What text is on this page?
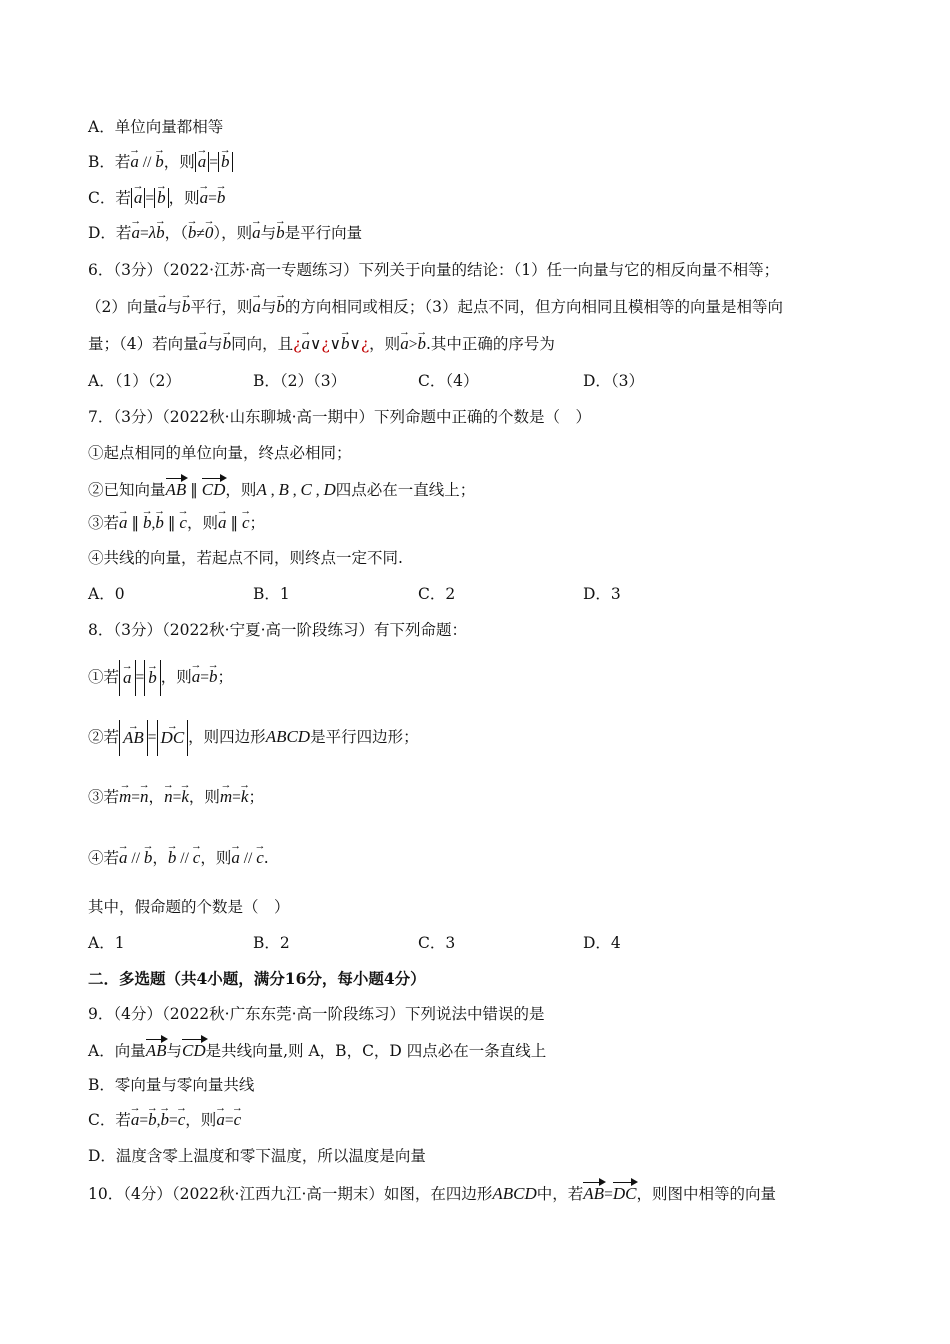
A．单位向量都相等
B．若→ a // → b，则 → a = → b
C．若 → a = → b ，则→ a=→ b
D．若→ a=λ→ b，（→ b≠→ 0），则→ a与→ b是平行向量
6．（3分）（2022·江苏·高一专题练习）下列关于向量的结论：（1）任一向量与它的相反向量不相等；
（2）向量→ a与→ b平行，则→ a与→ b的方向相同或相反；（3）起点不同，但方向相同且模相等的向量是相等向
量；（4）若向量→ a与→ b同向，且¿→ a∨¿∨→ b∨¿，则→ a>→ b.其中正确的序号为
A．（1）（2）	B．（2）（3）	C．（4）	D．（3）
7．（3分）（2022秋·山东聊城·高一期中）下列命题中正确的个数是（　）
①起点相同的单位向量，终点必相同；
②已知向量AB ∥ CD，则A , B , C , D四点必在一直线上；
③若→ a ∥ → b,→ b ∥ → c，则→ a ∥ → c；
④共线的向量，若起点不同，则终点一定不同.
A．0	B．1	C．2	D．3
8．（3分）（2022秋·宁夏·高一阶段练习）有下列命题：
①若 → a = → b ，则→ a=→ b；
②若 → AB = → DC ，则四边形ABCD是平行四边形；
③若→ m=→ n，→ n=→ k，则→ m=→ k；
④若→ a // → b，→ b // → c，则→ a // → c.
其中，假命题的个数是（　）
A．1	B．2	C．3	D．4
二．多选题（共4小题，满分16分，每小题4分）
9．（4分）（2022秋·广东东莞·高一阶段练习）下列说法中错误的是
A．向量AB与CD是共线向量,则 A，B，C，D 四点必在一条直线上
B．零向量与零向量共线
C．若→ a=→ b,→ b=→ c，则→ a=→ c
D．温度含零上温度和零下温度，所以温度是向量
10．（4分）（2022秋·江西九江·高一期末）如图，在四边形ABCD中，若AB=DC，则图中相等的向量
